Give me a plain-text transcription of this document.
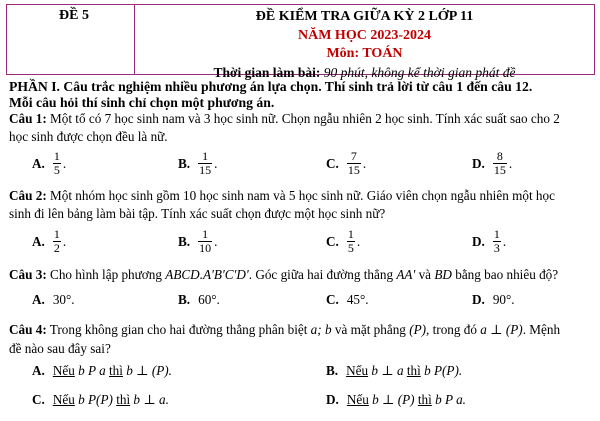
ĐỀ 5	ĐỀ KIỂM TRA GIỮA KỲ 2 LỚP 11
NĂM HỌC 2023-2024
Môn: TOÁN
Thời gian làm bài: 90 phút, không kể thời gian phát đề
PHẦN I. Câu trắc nghiệm nhiều phương án lựa chọn. Thí sinh trả lời từ câu 1 đến câu 12.
Mỗi câu hỏi thí sinh chỉ chọn một phương án.
Câu 1: Một tổ có 7 học sinh nam và 3 học sinh nữ. Chọn ngẫu nhiên 2 học sinh. Tính xác suất sao cho 2
học sinh được chọn đều là nữ.
A. $\frac{1}{5}$ .	B. $\frac{1}{15}$ .	C. $\frac{7}{15}$ .	D. $\frac{8}{15}$ .
Câu 2: Một nhóm học sinh gồm 10 học sinh nam và 5 học sinh nữ. Giáo viên chọn ngẫu nhiên một học
sinh đi lên bảng làm bài tập. Tính xác suất chọn được một học sinh nữ?
A. $\frac{1}{2}$ .	B. $\frac{1}{10}$ .	C. $\frac{1}{5}$ .	D. $\frac{1}{3}$ .
Câu 3: Cho hình lập phương ABCD.A'B'C'D'. Góc giữa hai đường thẳng AA' và BD bằng bao nhiêu độ?
A. 30°.	B. 60°.	C. 45°.	D. 90°.
Câu 4: Trong không gian cho hai đường thẳng phân biệt a; b và mặt phẳng (P), trong đó a ⊥ (P). Mệnh
đề nào sau đây sai?
A. Nếu
b P a
thì
b ⊥ (P).	B. Nếu
b ⊥ a
thì
b P(P).
C. Nếu
b P(P)
thì
b ⊥ a.	D. Nếu
b ⊥ (P)
thì
b P a.
